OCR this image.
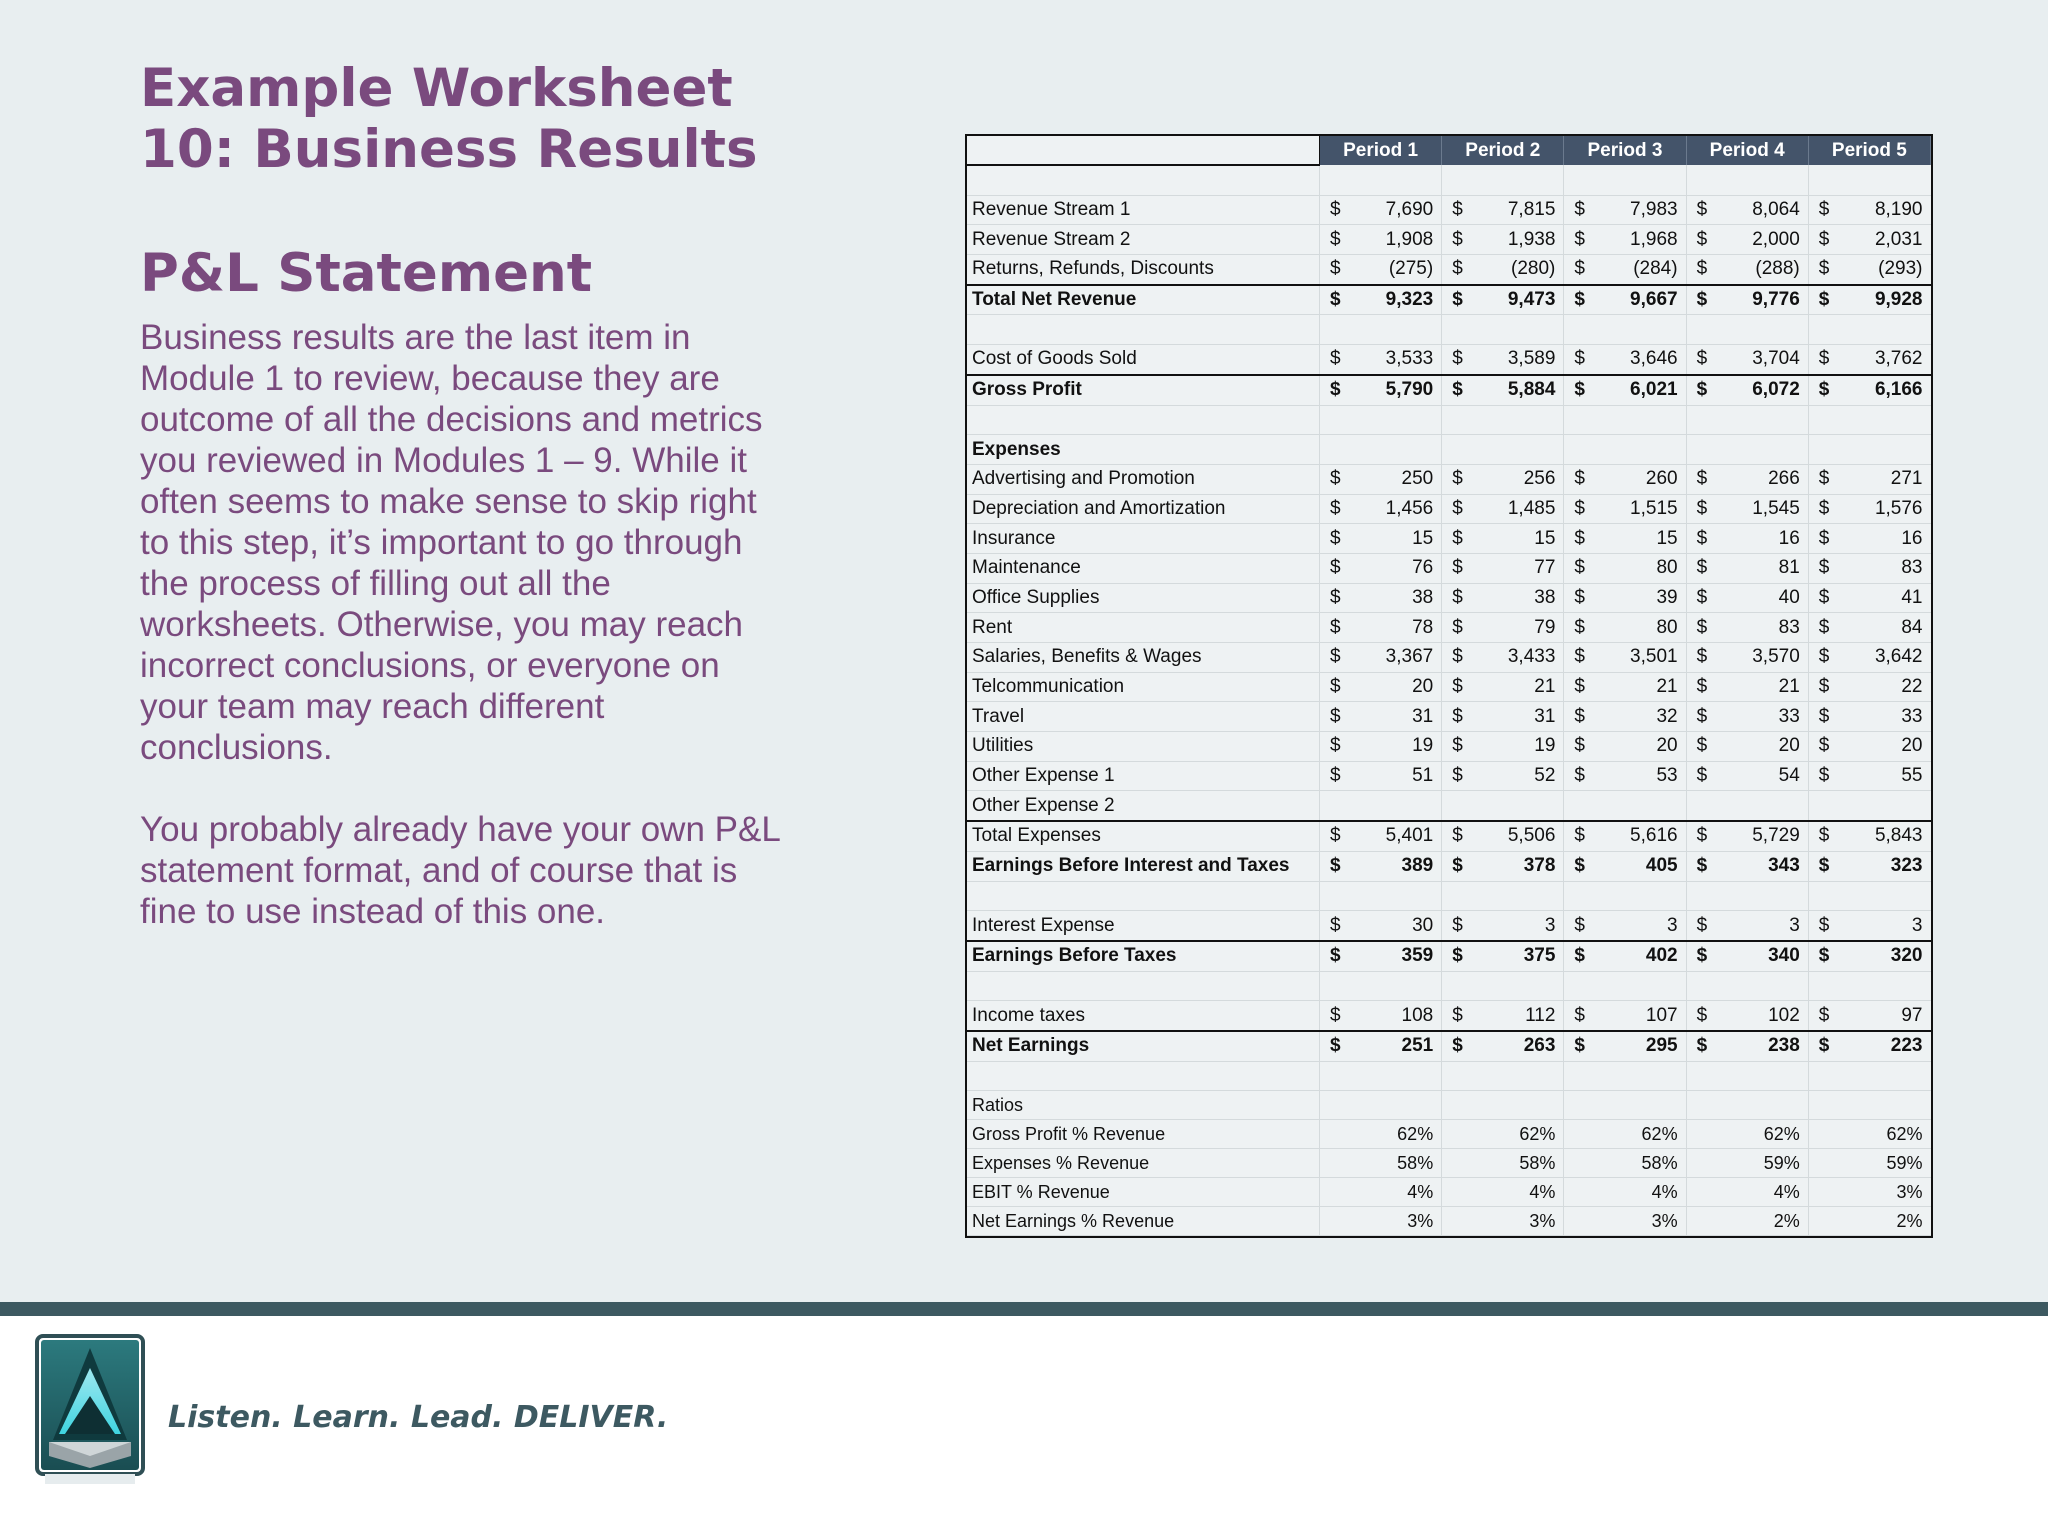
Example Worksheet 10: Business Results
P&L Statement

Business results are the last item in Module 1 to review, because they are outcome of all the decisions and metrics you reviewed in Modules 1 – 9. While it often seems to make sense to skip right to this step, it’s important to go through the process of filling out all the worksheets. Otherwise, you may reach incorrect conclusions, or everyone on your team may reach different conclusions.

You probably already have your own P&L statement format, and of course that is fine to use instead of this one.

	Period 1		Period 2		Period 3		Period 4		Period 5	

Revenue Stream 1	$	7,690	$	7,815	$	7,983	$	8,064	$	8,190
Revenue Stream 2	$	1,908	$	1,938	$	1,968	$	2,000	$	2,031
Returns, Refunds, Discounts	$	(275)	$	(280)	$	(284)	$	(288)	$	(293)
Total Net Revenue	$	9,323	$	9,473	$	9,667	$	9,776	$	9,928

Cost of Goods Sold	$	3,533	$	3,589	$	3,646	$	3,704	$	3,762
Gross Profit	$	5,790	$	5,884	$	6,021	$	6,072	$	6,166

Expenses										
Advertising and Promotion	$	250	$	256	$	260	$	266	$	271
Depreciation and Amortization	$	1,456	$	1,485	$	1,515	$	1,545	$	1,576
Insurance	$	15	$	15	$	15	$	16	$	16
Maintenance	$	76	$	77	$	80	$	81	$	83
Office Supplies	$	38	$	38	$	39	$	40	$	41
Rent	$	78	$	79	$	80	$	83	$	84
Salaries, Benefits & Wages	$	3,367	$	3,433	$	3,501	$	3,570	$	3,642
Telcommunication	$	20	$	21	$	21	$	21	$	22
Travel	$	31	$	31	$	32	$	33	$	33
Utilities	$	19	$	19	$	20	$	20	$	20
Other Expense 1	$	51	$	52	$	53	$	54	$	55
Other Expense 2										
Total Expenses	$	5,401	$	5,506	$	5,616	$	5,729	$	5,843
Earnings Before Interest and Taxes	$	389	$	378	$	405	$	343	$	323

Interest Expense	$	30	$	3	$	3	$	3	$	3
Earnings Before Taxes	$	359	$	375	$	402	$	340	$	320

Income taxes	$	108	$	112	$	107	$	102	$	97
Net Earnings	$	251	$	263	$	295	$	238	$	223

Ratios										
Gross Profit % Revenue		62%		62%		62%		62%		62%
Expenses % Revenue		58%		58%		58%		59%		59%
EBIT % Revenue		4%		4%		4%		4%		3%
Net Earnings % Revenue		3%		3%		3%		2%		2%
Listen. Learn. Lead. DELIVER.
